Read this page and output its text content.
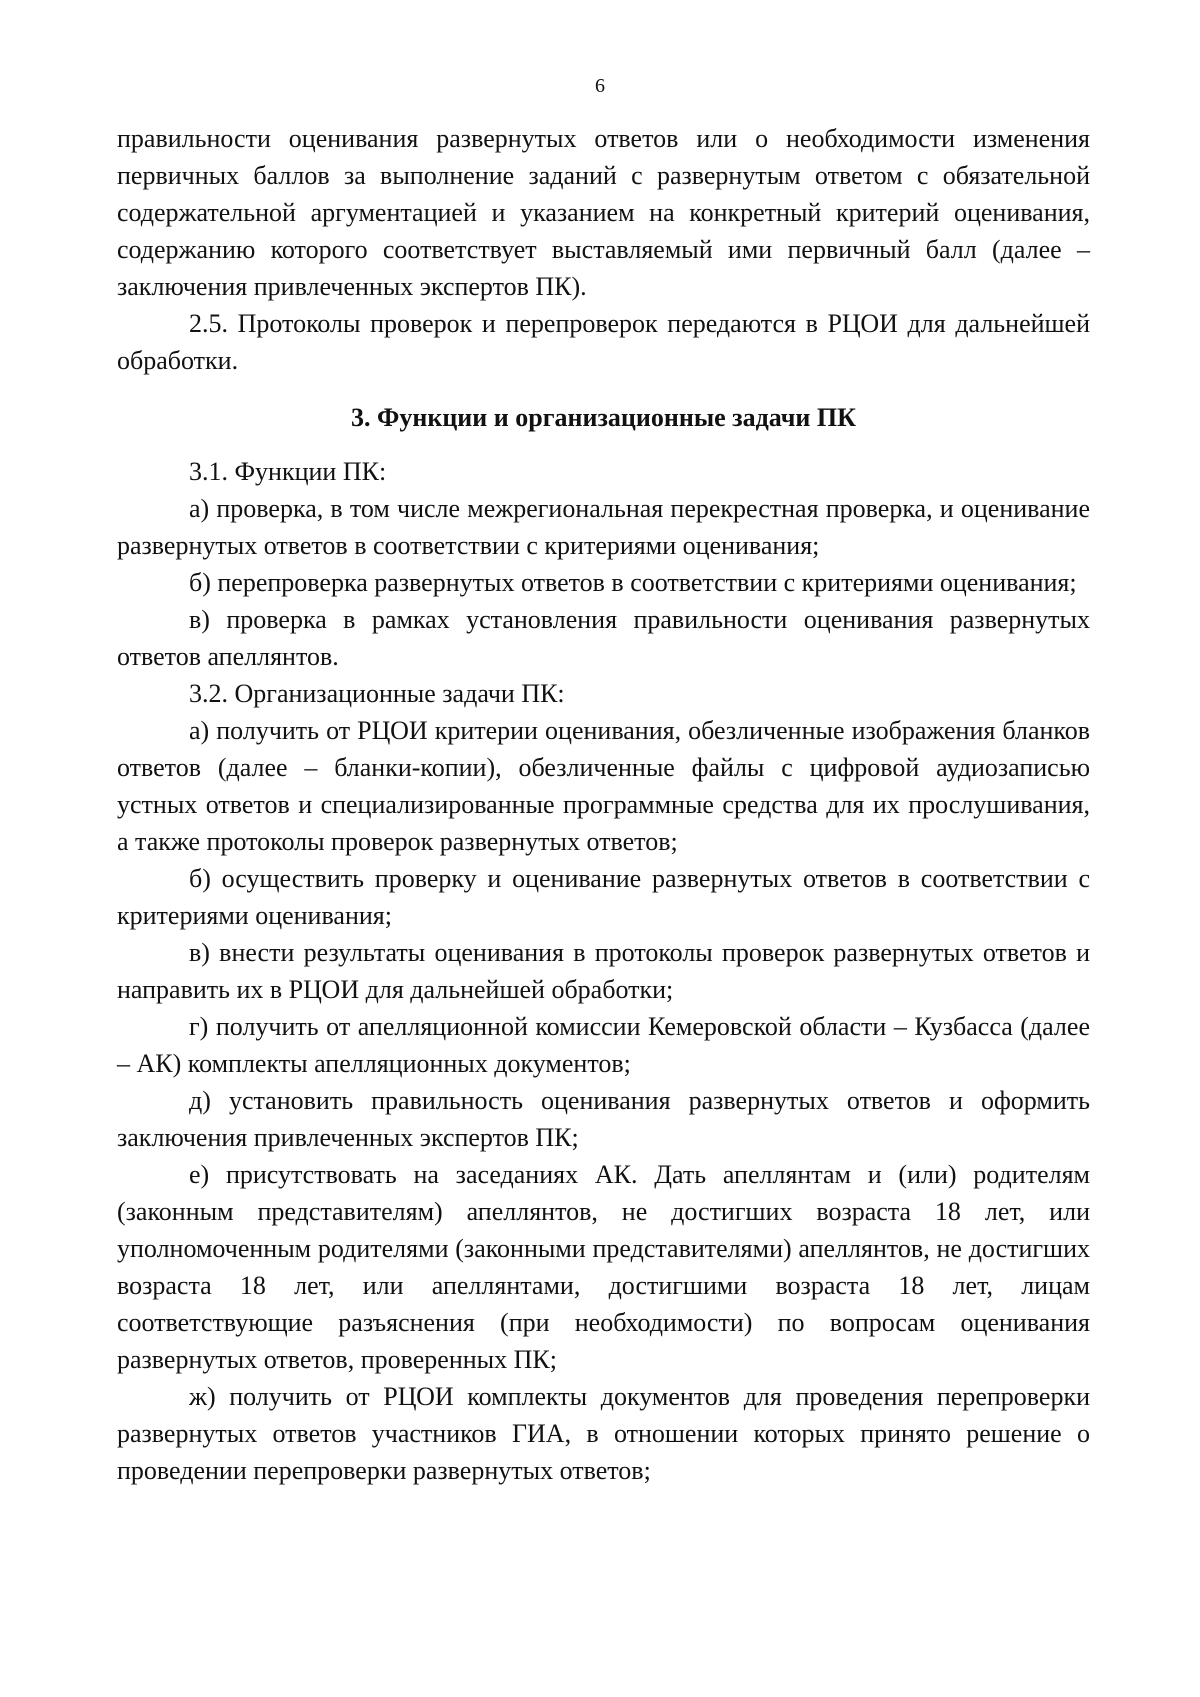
6

правильности оценивания развернутых ответов или о необходимости изменения первичных баллов за выполнение заданий с развернутым ответом с обязательной содержательной аргументацией и указанием на конкретный критерий оценивания, содержанию которого соответствует выставляемый ими первичный балл (далее – заключения привлеченных экспертов ПК).

2.5. Протоколы проверок и перепроверок передаются в РЦОИ для дальнейшей обработки.

3. Функции и организационные задачи ПК

3.1. Функции ПК:

а) проверка, в том числе межрегиональная перекрестная проверка, и оценивание развернутых ответов в соответствии с критериями оценивания;

б) перепроверка развернутых ответов в соответствии с критериями оценивания;

в) проверка в рамках установления правильности оценивания развернутых ответов апеллянтов.

3.2. Организационные задачи ПК:

а) получить от РЦОИ критерии оценивания, обезличенные изображения бланков ответов (далее – бланки-копии), обезличенные файлы с цифровой аудиозаписью устных ответов и специализированные программные средства для их прослушивания, а также протоколы проверок развернутых ответов;

б) осуществить проверку и оценивание развернутых ответов в соответствии с критериями оценивания;

в) внести результаты оценивания в протоколы проверок развернутых ответов и направить их в РЦОИ для дальнейшей обработки;

г) получить от апелляционной комиссии Кемеровской области – Кузбасса (далее – АК) комплекты апелляционных документов;

д) установить правильность оценивания развернутых ответов и оформить заключения привлеченных экспертов ПК;

е) присутствовать на заседаниях АК. Дать апеллянтам и (или) родителям (законным представителям) апеллянтов, не достигших возраста 18 лет, или уполномоченным родителями (законными представителями) апеллянтов, не достигших возраста 18 лет, или апеллянтами, достигшими возраста 18 лет, лицам соответствующие разъяснения (при необходимости) по вопросам оценивания развернутых ответов, проверенных ПК;

ж) получить от РЦОИ комплекты документов для проведения перепроверки развернутых ответов участников ГИА, в отношении которых принято решение о проведении перепроверки развернутых ответов;
